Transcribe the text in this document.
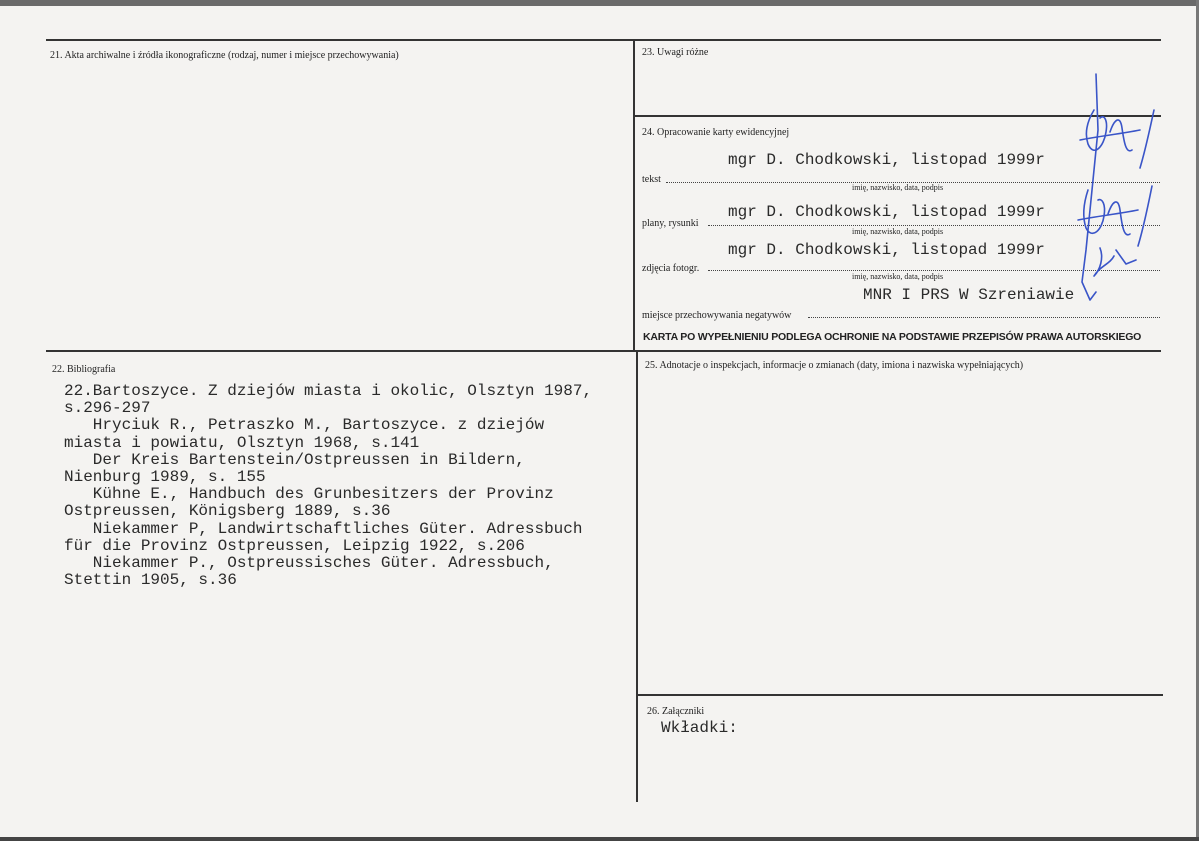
21. Akta archiwalne i źródła ikonograficzne (rodzaj, numer i miejsce przechowywania)	23. Uwagi różne
24. Opracowanie karty ewidencyjnej
mgr D. Chodkowski, listopad 1999r
tekst
imię, nazwisko, data, podpis
mgr D. Chodkowski, listopad 1999r
plany, rysunki
imię, nazwisko, data, podpis
mgr D. Chodkowski, listopad 1999r
zdjęcia fotogr.
imię, nazwisko, data, podpis
MNR I PRS W Szreniawie
miejsce przechowywania negatywów
KARTA PO WYPEŁNIENIU PODLEGA OCHRONIE NA PODSTAWIE PRZEPISÓW PRAWA AUTORSKIEGO
22. Bibliografia
22.Bartoszyce. Z dziejów miasta i okolic, Olsztyn 1987,
s.296-297
Hryciuk R., Petraszko M., Bartoszyce. z dziejów
miasta i powiatu, Olsztyn 1968, s.141
Der Kreis Bartenstein/Ostpreussen in Bildern,
Nienburg 1989, s. 155
Kühne E., Handbuch des Grunbesitzers der Provinz
Ostpreussen, Königsberg 1889, s.36
Niekammer P, Landwirtschaftliches Güter. Adressbuch
für die Provinz Ostpreussen, Leipzig 1922, s.206
Niekammer P., Ostpreussisches Güter. Adressbuch,
Stettin 1905, s.36
25. Adnotacje o inspekcjach, informacje o zmianach (daty, imiona i nazwiska wypełniających)
26. Załączniki
Wkładki:
